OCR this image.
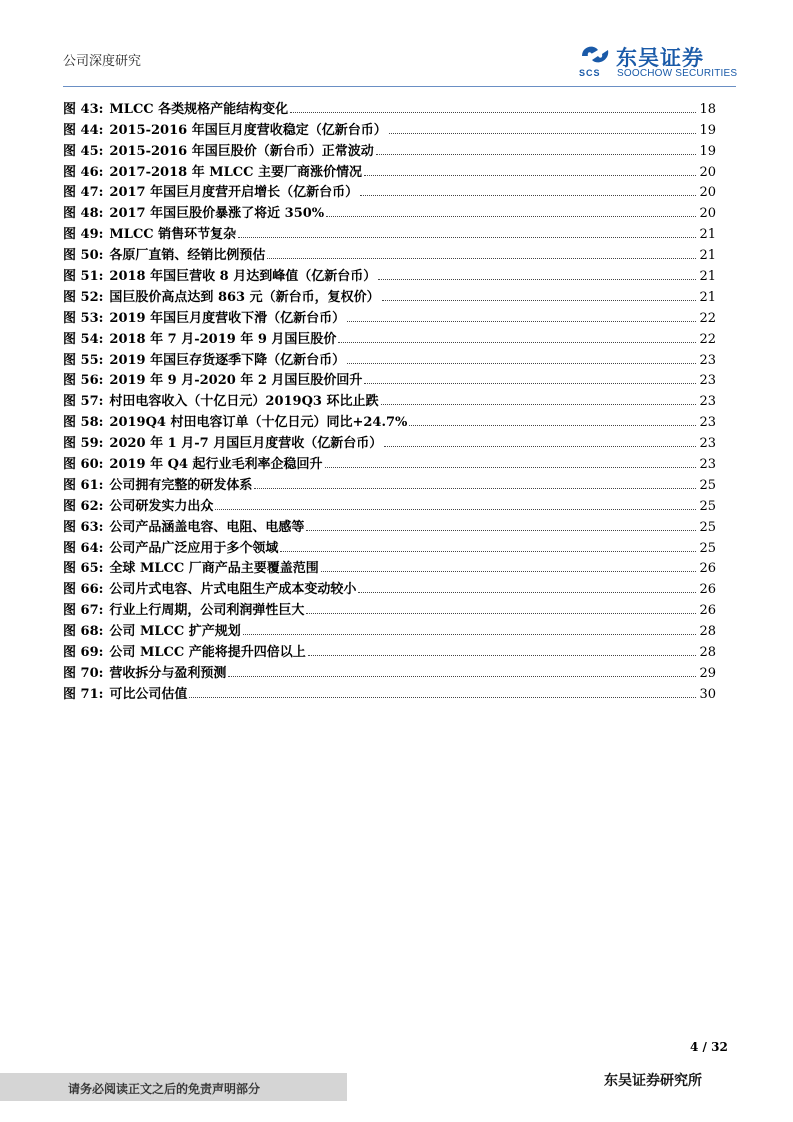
公司深度研究
SCS
东吴证券
SOOCHOW SECURITIES
图 43: MLCC 各类规格产能结构变化	18
图 44: 2015-2016 年国巨月度营收稳定（亿新台币）	19
图 45: 2015-2016 年国巨股价（新台币）正常波动	19
图 46: 2017-2018 年 MLCC 主要厂商涨价情况	20
图 47: 2017 年国巨月度营开启增长（亿新台币）	20
图 48: 2017 年国巨股价暴涨了将近 350%	20
图 49: MLCC 销售环节复杂	21
图 50: 各原厂直销、经销比例预估	21
图 51: 2018 年国巨营收 8 月达到峰值（亿新台币）	21
图 52: 国巨股价高点达到 863 元（新台币，复权价）	21
图 53: 2019 年国巨月度营收下滑（亿新台币）	22
图 54: 2018 年 7 月-2019 年 9 月国巨股价	22
图 55: 2019 年国巨存货逐季下降（亿新台币）	23
图 56: 2019 年 9 月-2020 年 2 月国巨股价回升	23
图 57: 村田电容收入（十亿日元）2019Q3 环比止跌	23
图 58: 2019Q4 村田电容订单（十亿日元）同比+24.7%	23
图 59: 2020 年 1 月-7 月国巨月度营收（亿新台币）	23
图 60: 2019 年 Q4 起行业毛利率企稳回升	23
图 61: 公司拥有完整的研发体系	25
图 62: 公司研发实力出众	25
图 63: 公司产品涵盖电容、电阻、电感等	25
图 64: 公司产品广泛应用于多个领域	25
图 65: 全球 MLCC 厂商产品主要覆盖范围	26
图 66: 公司片式电容、片式电阻生产成本变动较小	26
图 67: 行业上行周期，公司利润弹性巨大	26
图 68: 公司 MLCC 扩产规划	28
图 69: 公司 MLCC 产能将提升四倍以上	28
图 70: 营收拆分与盈利预测	29
图 71: 可比公司估值	30
4 / 32
请务必阅读正文之后的免责声明部分	东吴证券研究所
